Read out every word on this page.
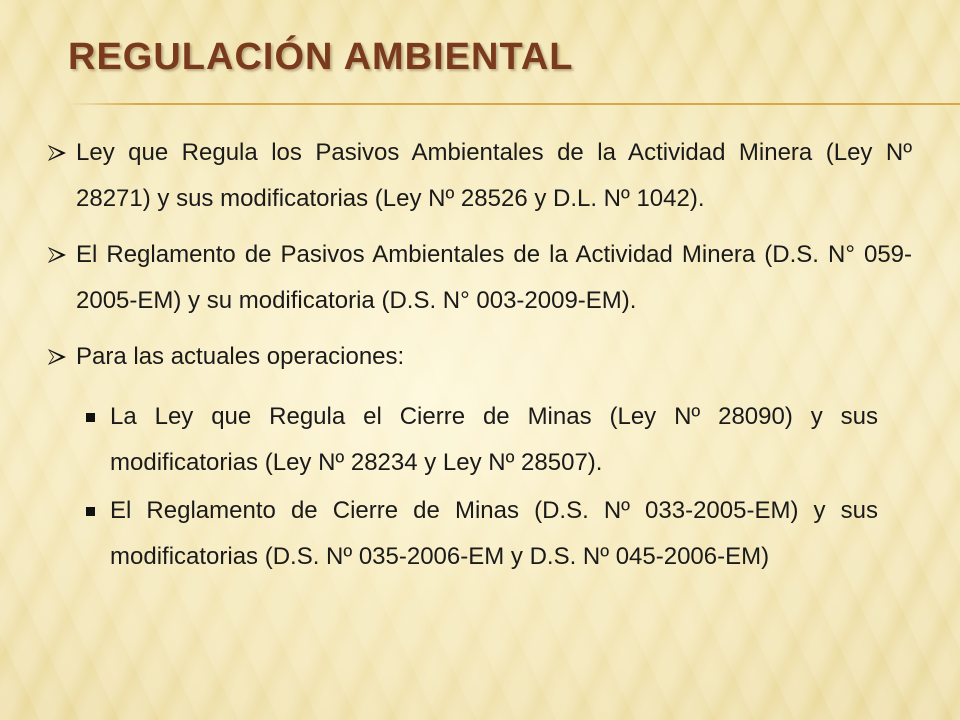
REGULACIÓN AMBIENTAL
Ley que Regula los Pasivos Ambientales de la Actividad Minera (Ley Nº 28271) y sus modificatorias (Ley Nº 28526 y D.L. Nº 1042).
El Reglamento de Pasivos Ambientales de la Actividad Minera (D.S. N° 059-2005-EM) y su modificatoria (D.S. N° 003-2009-EM).
Para las actuales operaciones:
La Ley que Regula el Cierre de Minas (Ley Nº 28090) y sus modificatorias (Ley Nº 28234 y Ley Nº 28507).
El Reglamento de Cierre de Minas (D.S. Nº 033-2005-EM) y sus modificatorias (D.S. Nº 035-2006-EM y D.S. Nº 045-2006-EM)
